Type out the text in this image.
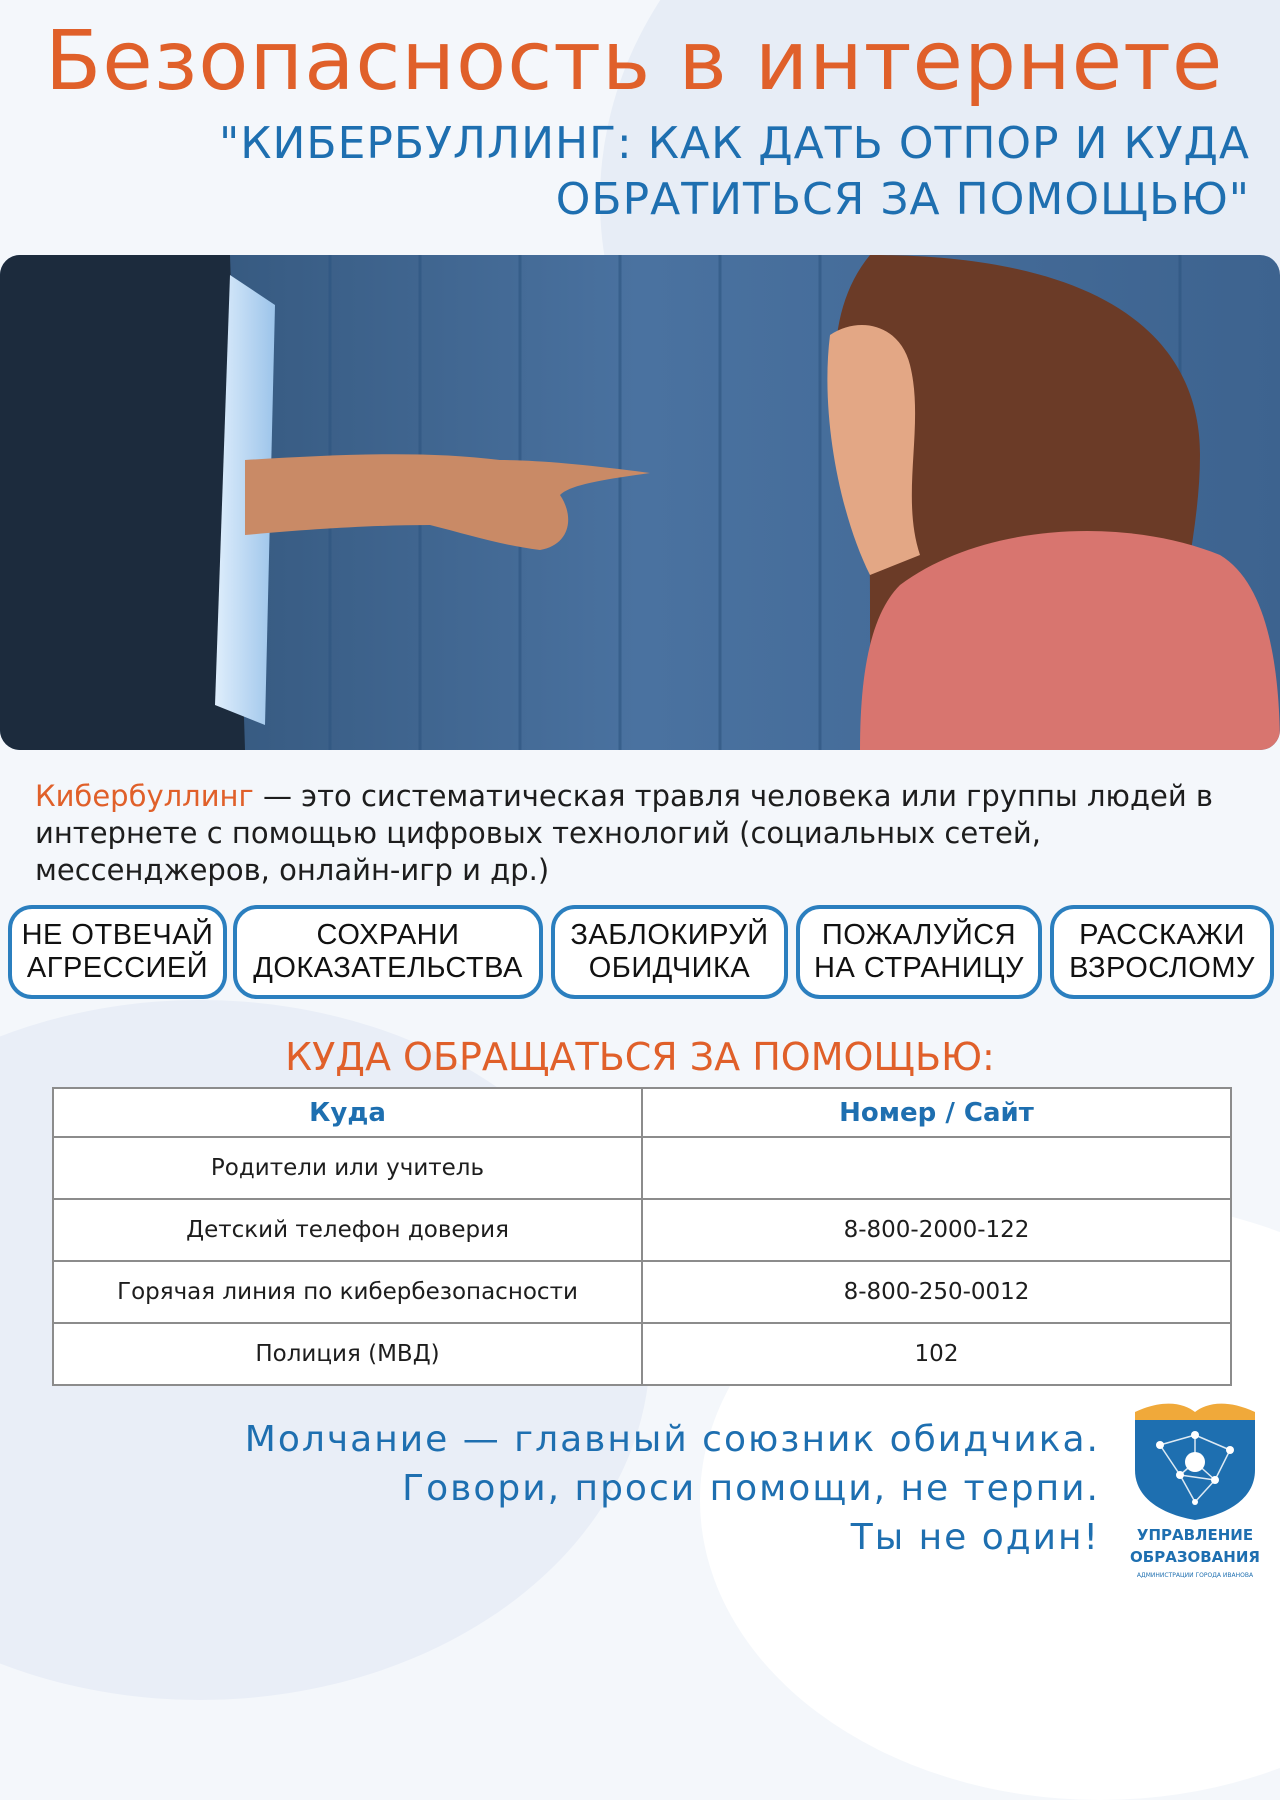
Безопасность в интернете
"КИБЕРБУЛЛИНГ: КАК ДАТЬ ОТПОР И КУДА
ОБРАТИТЬСЯ ЗА ПОМОЩЬЮ"
Кибербуллинг — это систематическая травля человека или группы людей в интернете с помощью цифровых технологий (социальных сетей, мессенджеров, онлайн-игр и др.)
НЕ ОТВЕЧАЙ
АГРЕССИЕЙ
СОХРАНИ
ДОКАЗАТЕЛЬСТВА
ЗАБЛОКИРУЙ
ОБИДЧИКА
ПОЖАЛУЙСЯ
НА СТРАНИЦУ
РАССКАЖИ
ВЗРОСЛОМУ
КУДА ОБРАЩАТЬСЯ ЗА ПОМОЩЬЮ:
Куда	Номер / Сайт
Родители или учитель	
Детский телефон доверия	8-800-2000-122
Горячая линия по кибербезопасности	8-800-250-0012
Полиция (МВД)	102
Молчание — главный союзник обидчика.
Говори, проси помощи, не терпи.
Ты не один!	УПРАВЛЕНИЕ
ОБРАЗОВАНИЯ
АДМИНИСТРАЦИИ ГОРОДА ИВАНОВА
